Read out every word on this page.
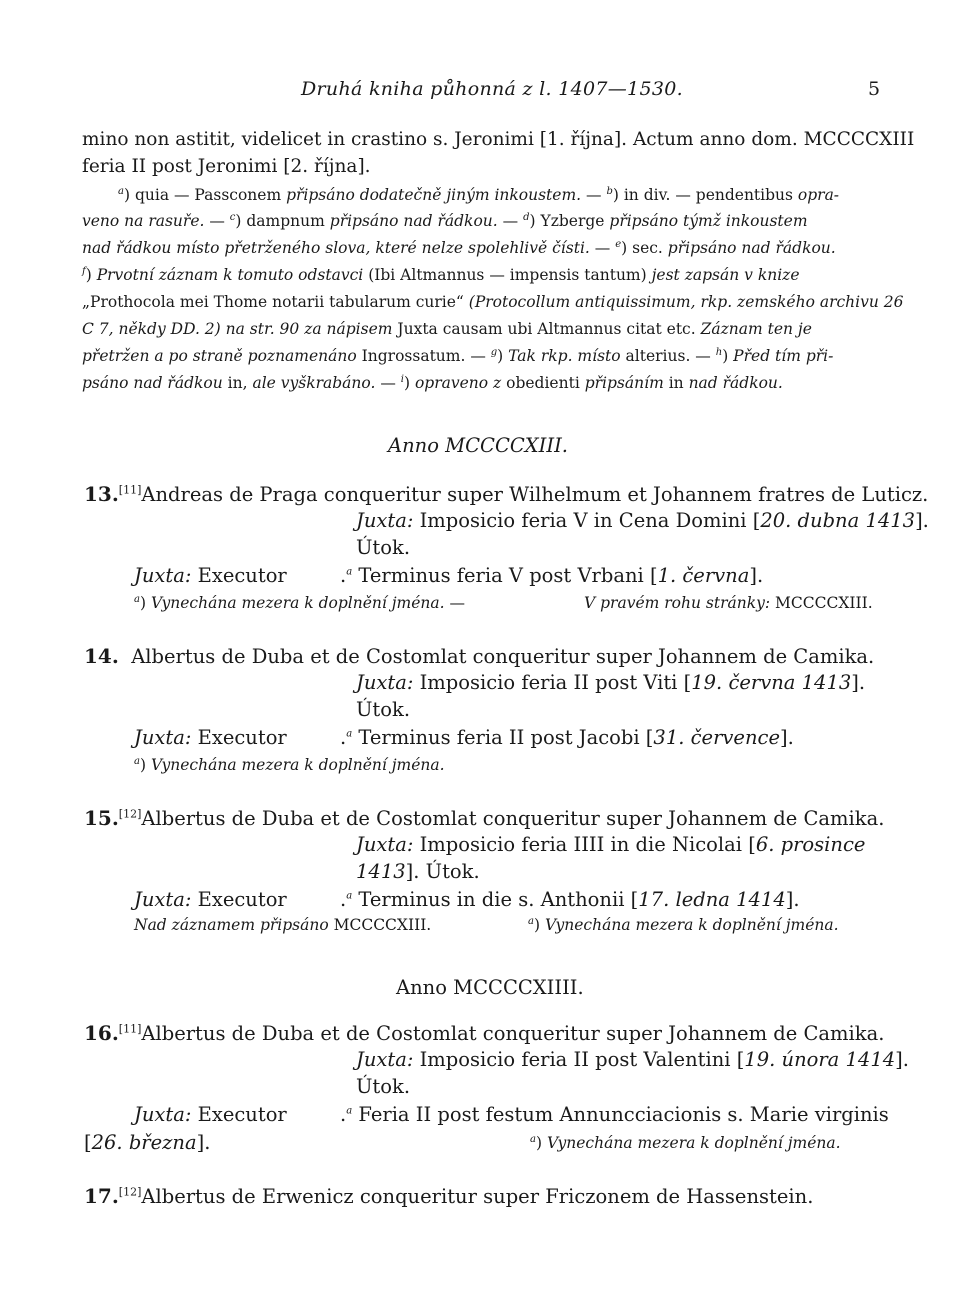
Druhá kniha půhonná z l. 1407—1530.	5
mino non astitit, videlicet in crastino s. Jeronimi [1. října]. Actum anno dom. MCCCCXIII
feria II post Jeronimi [2. října].
$^a$) quia — Passconem připsáno dodatečně jiným inkoustem. — $^b$) in div. — pendentibus opra-
veno na rasuře. — $^c$) dampnum připsáno nad řádkou. — $^d$) Yzberge připsáno týmž inkoustem
nad řádkou místo přetrženého slova, které nelze spolehlivě čísti. — $^e$) sec. připsáno nad řádkou.
$^f$) Prvotní záznam k tomuto odstavci (Ibi Altmannus — impensis tantum) jest zapsán v knize
„Prothocola mei Thome notarii tabularum curie“ (Protocollum antiquissimum, rkp. zemského archivu 26
C 7, někdy DD. 2) na str. 90 za nápisem Juxta causam ubi Altmannus citat etc. Záznam ten je
přetržen a po straně poznamenáno Ingrossatum. — $^g$) Tak rkp. místo alterius. — $^h$) Před tím při-
psáno nad řádkou in, ale vyškrabáno. — $^i$) opraveno z obedienti připsáním in nad řádkou.
Anno MCCCCXIII.
13.[11]Andreas de Praga conqueritur super Wilhelmum et Johannem fratres de Luticz.
Juxta: Imposicio feria V in Cena Domini [20. dubna 1413].
Útok.
Juxta: Executor	.$^a$ Terminus feria V post Vrbani [1. června].
$^a$) Vynechána mezera k doplnění jména. —	V pravém rohu stránky: MCCCCXIII.
14. Albertus de Duba et de Costomlat conqueritur super Johannem de Camika.
Juxta: Imposicio feria II post Viti [19. června 1413].
Útok.
Juxta: Executor	.$^a$ Terminus feria II post Jacobi [31. července].
$^a$) Vynechána mezera k doplnění jména.
15.[12]Albertus de Duba et de Costomlat conqueritur super Johannem de Camika.
Juxta: Imposicio feria IIII in die Nicolai [6. prosince
1413]. Útok.
Juxta: Executor	.$^a$ Terminus in die s. Anthonii [17. ledna 1414].
Nad záznamem připsáno MCCCCXIII.	$^a$) Vynechána mezera k doplnění jména.
Anno MCCCCXIIII.
16.[11]Albertus de Duba et de Costomlat conqueritur super Johannem de Camika.
Juxta: Imposicio feria II post Valentini [19. února 1414].
Útok.
Juxta: Executor	.$^a$ Feria II post festum Annuncciacionis s. Marie virginis
[26. března].	$^a$) Vynechána mezera k doplnění jména.
17.[12]Albertus de Erwenicz conqueritur super Friczonem de Hassenstein.
